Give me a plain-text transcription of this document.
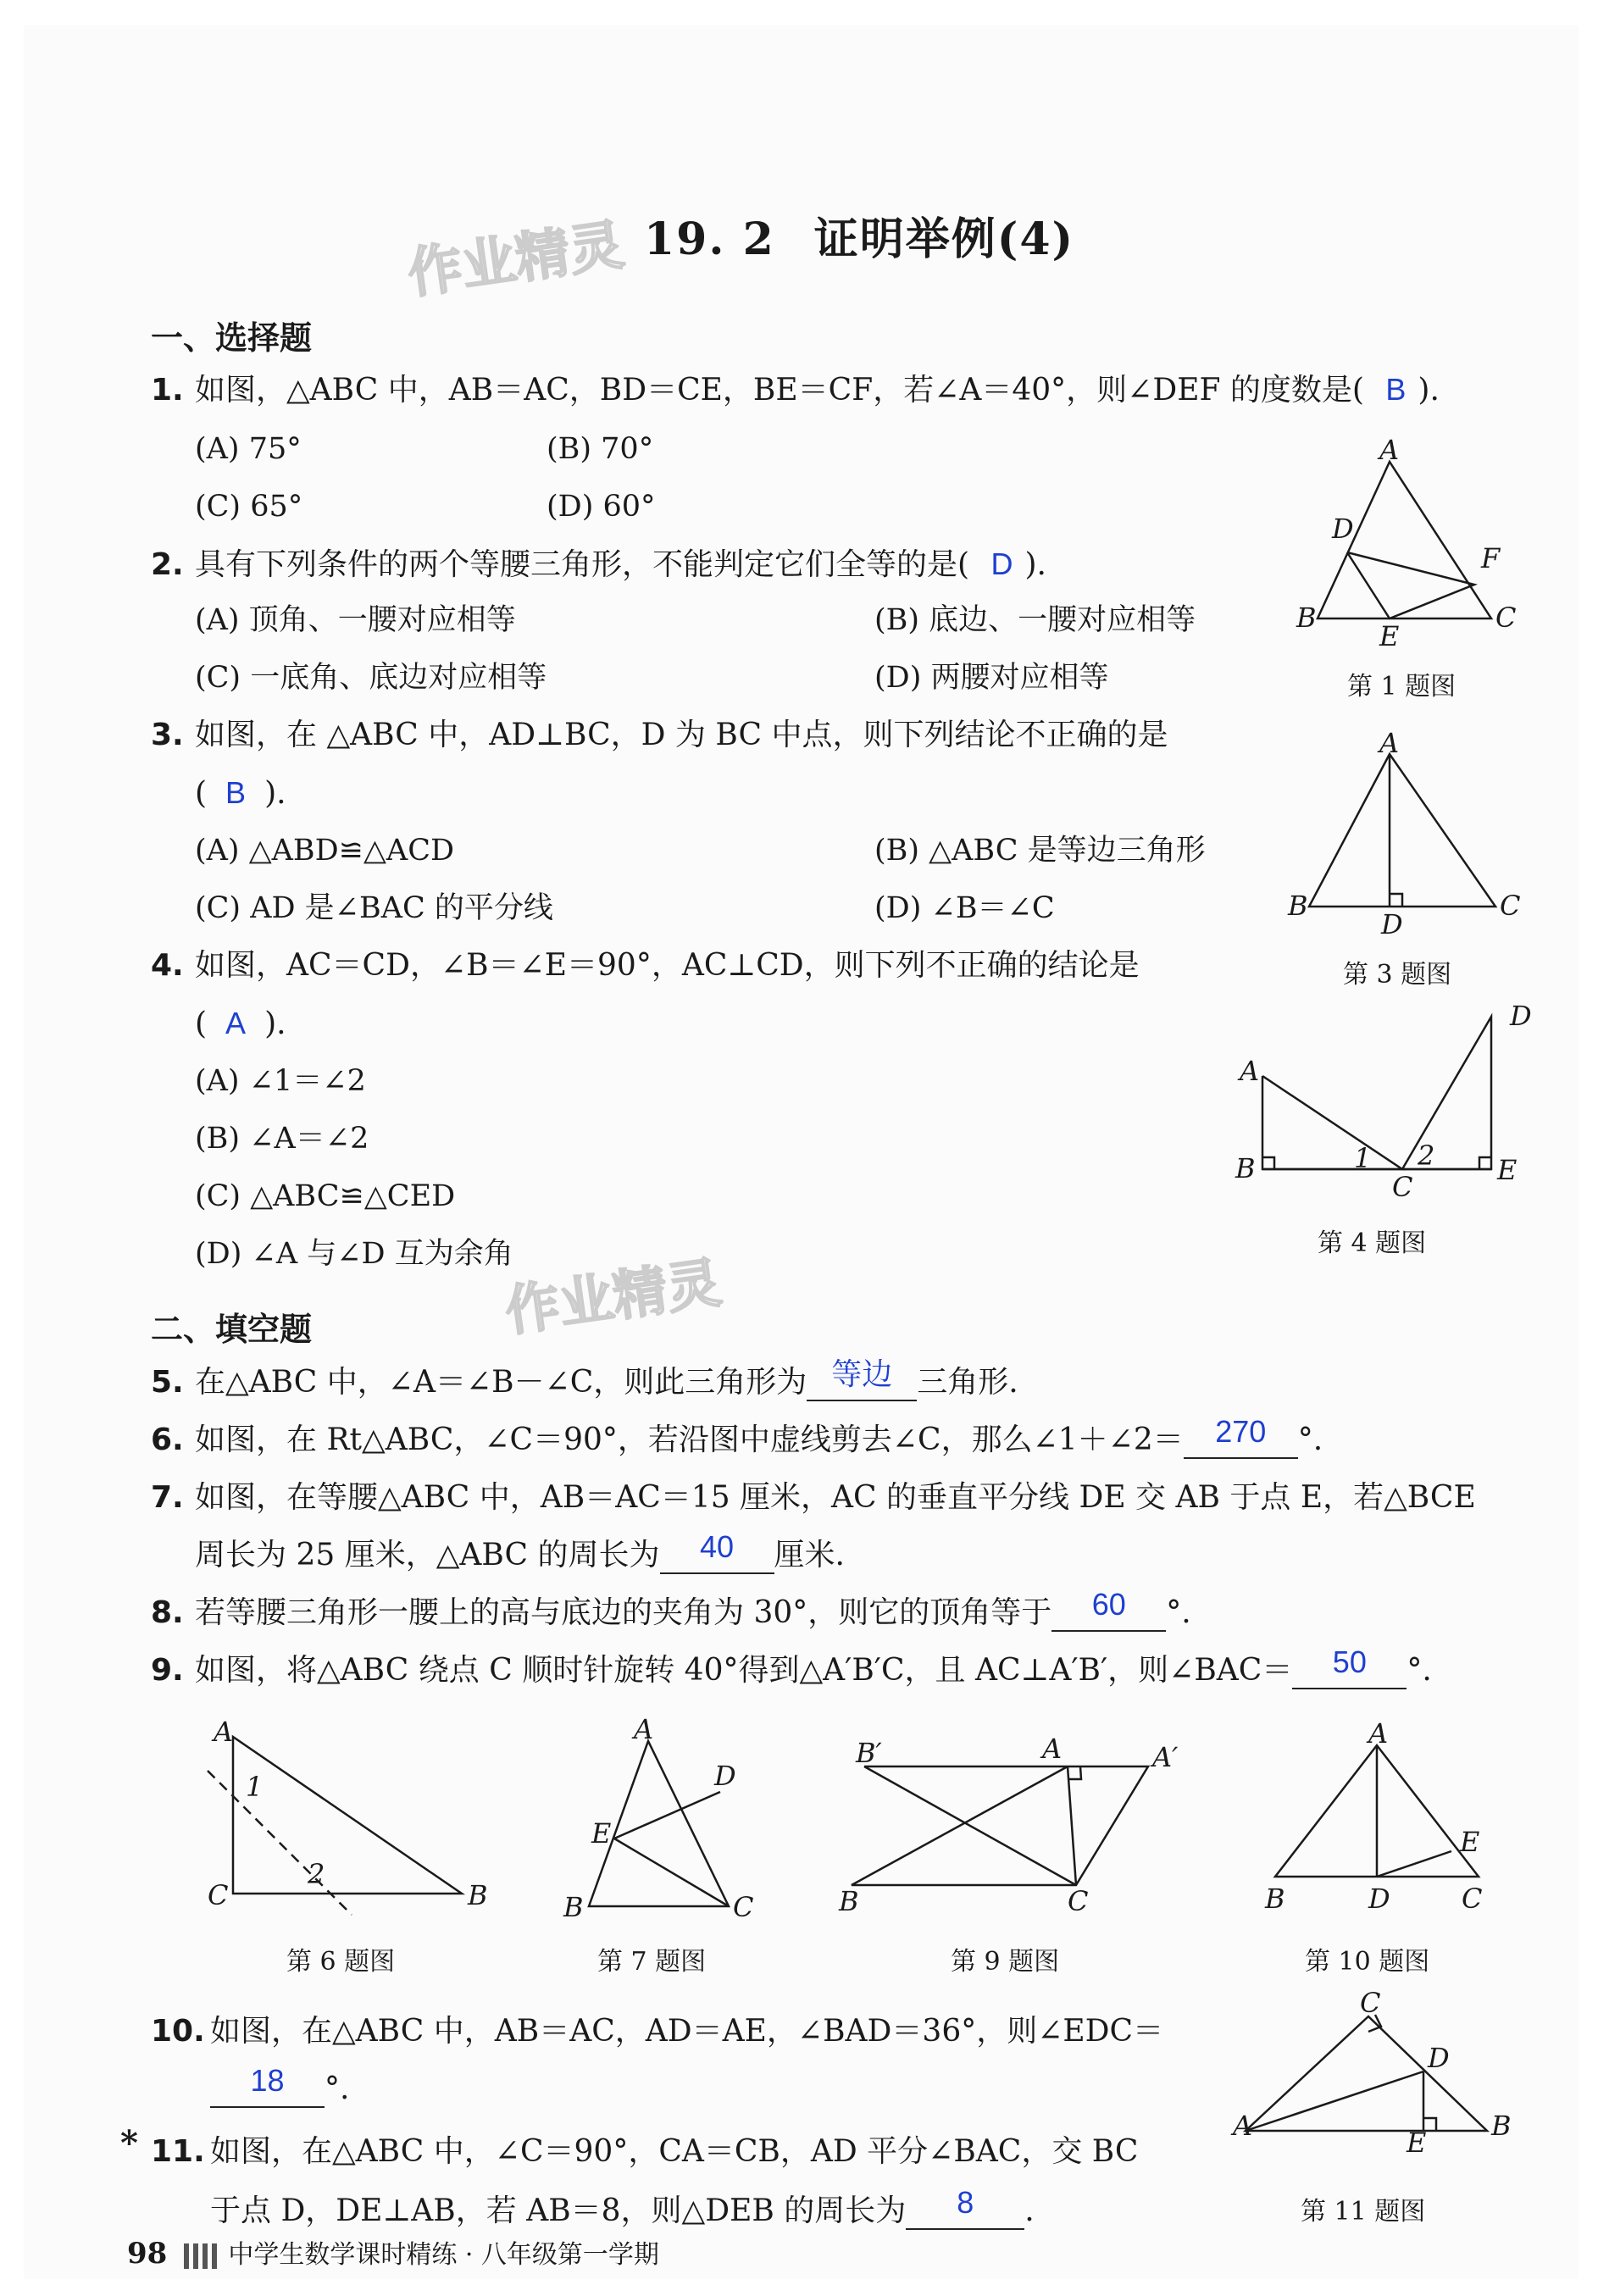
作业精灵
作业精灵
19. 2 证明举例(4)
一、选择题
1. 如图，△ABC 中，AB＝AC，BD＝CE，BE＝CF，若∠A＝40°，则∠DEF 的度数是( B ).
(A) 75°	(B) 70°
(C) 65°	(D) 60°
A
D
F
B
E
C
第 1 题图
2. 具有下列条件的两个等腰三角形，不能判定它们全等的是( D ).
(A) 顶角、一腰对应相等	(B) 底边、一腰对应相等
(C) 一底角、底边对应相等	(D) 两腰对应相等
3. 如图，在 △ABC 中，AD⊥BC，D 为 BC 中点，则下列结论不正确的是
( B ).
(A) △ABD≌△ACD	(B) △ABC 是等边三角形
(C) AD 是∠BAC 的平分线	(D) ∠B＝∠C
A
B
D
C
第 3 题图
4. 如图，AC＝CD，∠B＝∠E＝90°，AC⊥CD，则下列不正确的结论是
( A ).
(A) ∠1＝∠2
(B) ∠A＝∠2
(C) △ABC≌△CED
(D) ∠A 与∠D 互为余角
D
A
B	1 2
C
E
第 4 题图
二、填空题
5. 在△ABC 中，∠A＝∠B－∠C，则此三角形为 等边 三角形.
6. 如图，在 Rt△ABC，∠C＝90°，若沿图中虚线剪去∠C，那么∠1＋∠2＝ 270 °.
7. 如图，在等腰△ABC 中，AB＝AC＝15 厘米，AC 的垂直平分线 DE 交 AB 于点 E，若△BCE
周长为 25 厘米，△ABC 的周长为 40 厘米.
8. 若等腰三角形一腰上的高与底边的夹角为 30°，则它的顶角等于 60 °.
9. 如图，将△ABC 绕点 C 顺时针旋转 40°得到△A′B′C，且 AC⊥A′B′，则∠BAC＝ 50 °.
A
1
2
C	B
第 6 题图
A
D
E
B	C
第 7 题图
B′	A	A′
B	C
第 9 题图
A
E
B	D	C
第 10 题图
10. 如图，在△ABC 中，AB＝AC，AD＝AE，∠BAD＝36°，则∠EDC＝
18 °.
* 11. 如图，在△ABC 中，∠C＝90°，CA＝CB，AD 平分∠BAC，交 BC
于点 D，DE⊥AB，若 AB＝8，则△DEB 的周长为 8 .
C
D
A
E
B
第 11 题图
98 中学生数学课时精练 · 八年级第一学期
